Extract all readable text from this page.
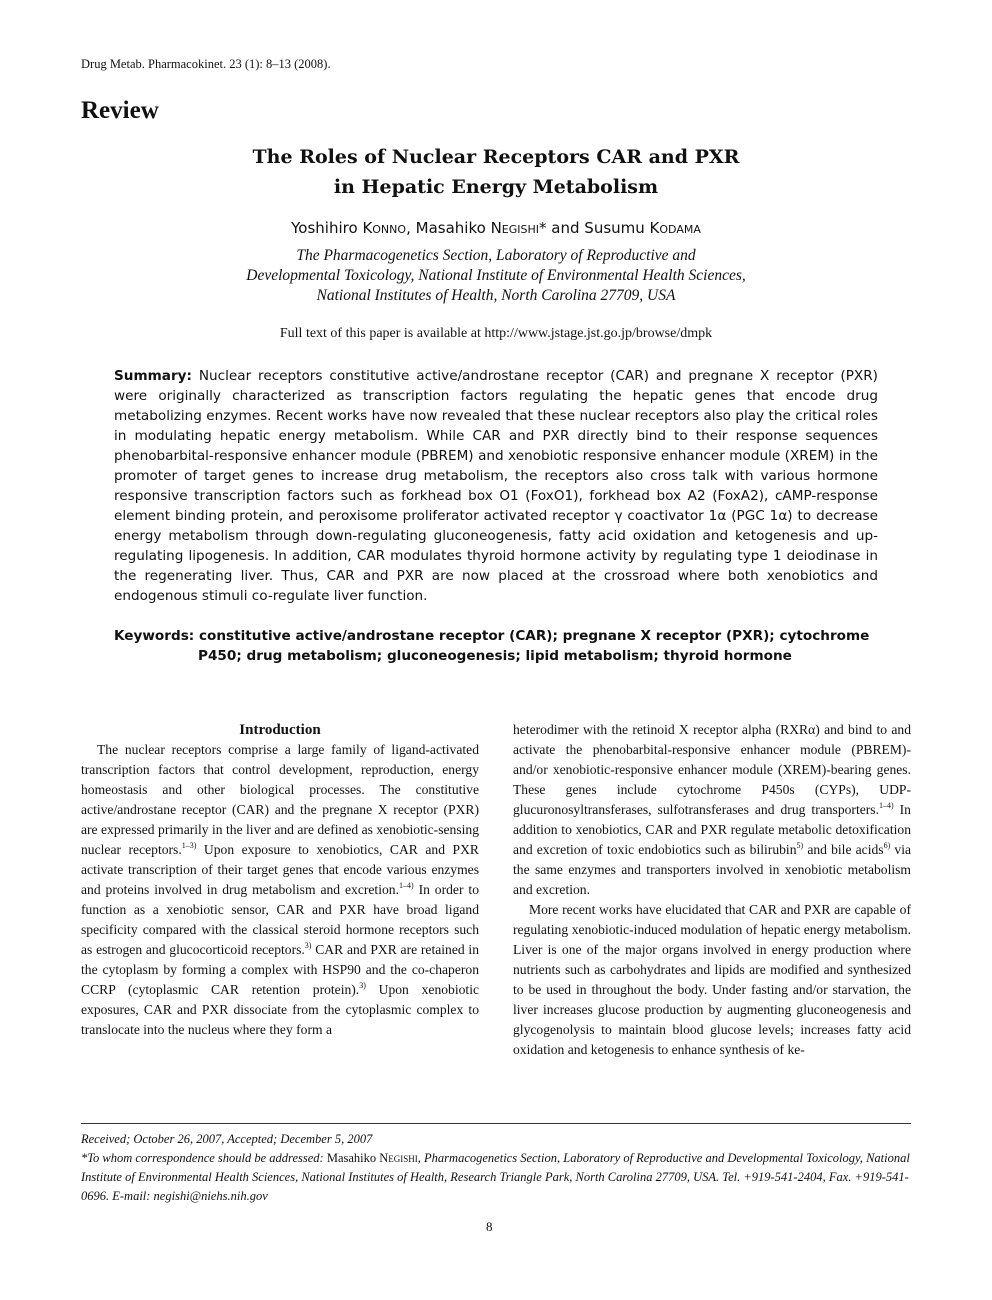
Drug Metab. Pharmacokinet. 23 (1): 8–13 (2008).
Review
The Roles of Nuclear Receptors CAR and PXR
in Hepatic Energy Metabolism
Yoshihiro Konno, Masahiko Negishi* and Susumu Kodama
The Pharmacogenetics Section, Laboratory of Reproductive and
Developmental Toxicology, National Institute of Environmental Health Sciences,
National Institutes of Health, North Carolina 27709, USA
Full text of this paper is available at http://www.jstage.jst.go.jp/browse/dmpk
Summary: Nuclear receptors constitutive active/androstane receptor (CAR) and pregnane X receptor (PXR) were originally characterized as transcription factors regulating the hepatic genes that encode drug metabolizing enzymes. Recent works have now revealed that these nuclear receptors also play the critical roles in modulating hepatic energy metabolism. While CAR and PXR directly bind to their response sequences phenobarbital-responsive enhancer module (PBREM) and xenobiotic responsive enhancer module (XREM) in the promoter of target genes to increase drug metabolism, the receptors also cross talk with various hormone responsive transcription factors such as forkhead box O1 (FoxO1), forkhead box A2 (FoxA2), cAMP-response element binding protein, and peroxisome proliferator activated receptor γ coactivator 1α (PGC 1α) to decrease energy metabolism through down-regulating gluconeogenesis, fatty acid oxidation and ketogenesis and up-regulating lipogenesis. In addition, CAR modulates thyroid hormone activity by regulating type 1 deiodinase in the regenerating liver. Thus, CAR and PXR are now placed at the crossroad where both xenobiotics and endogenous stimuli co-regulate liver function.
Keywords: constitutive active/androstane receptor (CAR); pregnane X receptor (PXR); cytochrome P450; drug metabolism; gluconeogenesis; lipid metabolism; thyroid hormone

Introduction

The nuclear receptors comprise a large family of ligand-activated transcription factors that control development, reproduction, energy homeostasis and other biological processes. The constitutive active/androstane receptor (CAR) and the pregnane X receptor (PXR) are expressed primarily in the liver and are defined as xenobiotic-sensing nuclear receptors.$^{1-3)}$ Upon exposure to xenobiotics, CAR and PXR activate transcription of their target genes that encode various enzymes and proteins involved in drug metabolism and excretion.$^{1-4)}$ In order to function as a xenobiotic sensor, CAR and PXR have broad ligand specificity compared with the classical steroid hormone receptors such as estrogen and glucocorticoid receptors.$^{3)}$ CAR and PXR are retained in the cytoplasm by forming a complex with HSP90 and the co-chaperon CCRP (cytoplasmic CAR retention protein).$^{3)}$ Upon xenobiotic exposures, CAR and PXR dissociate from the cytoplasmic complex to translocate into the nucleus where they form a

heterodimer with the retinoid X receptor alpha (RXRα) and bind to and activate the phenobarbital-responsive enhancer module (PBREM)- and/or xenobiotic-responsive enhancer module (XREM)-bearing genes. These genes include cytochrome P450s (CYPs), UDP-glucuronosyltransferases, sulfotransferases and drug transporters.$^{1-4)}$ In addition to xenobiotics, CAR and PXR regulate metabolic detoxification and excretion of toxic endobiotics such as bilirubin$^{5)}$ and bile acids$^{6)}$ via the same enzymes and transporters involved in xenobiotic metabolism and excretion.

More recent works have elucidated that CAR and PXR are capable of regulating xenobiotic-induced modulation of hepatic energy metabolism. Liver is one of the major organs involved in energy production where nutrients such as carbohydrates and lipids are modified and synthesized to be used in throughout the body. Under fasting and/or starvation, the liver increases glucose production by augmenting gluconeogenesis and glycogenolysis to maintain blood glucose levels; increases fatty acid oxidation and ketogenesis to enhance synthesis of ke-

Received; October 26, 2007, Accepted; December 5, 2007
*To whom correspondence should be addressed: Masahiko Negishi, Pharmacogenetics Section, Laboratory of Reproductive and Developmental Toxicology, National Institute of Environmental Health Sciences, National Institutes of Health, Research Triangle Park, North Carolina 27709, USA. Tel. +919-541-2404, Fax. +919-541-0696. E-mail: negishi@niehs.nih.gov
8
